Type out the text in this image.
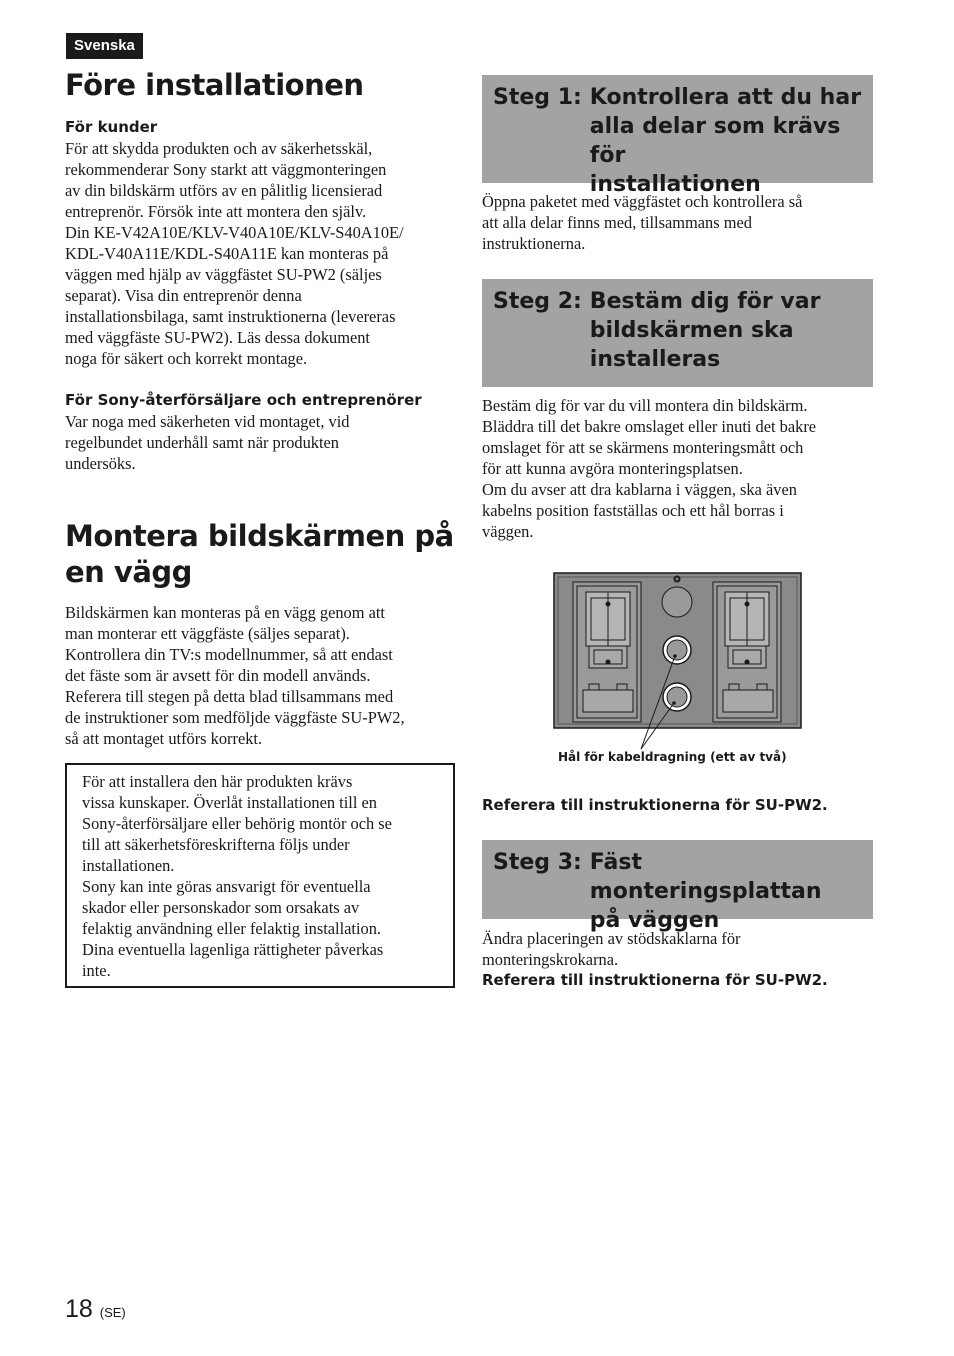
Svenska
Före installationen

För kunder

För att skydda produkten och av säkerhetsskäl,
rekommenderar Sony starkt att väggmonteringen
av din bildskärm utförs av en pålitlig licensierad
entreprenör. Försök inte att montera den själv.
Din KE-V42A10E/KLV-V40A10E/KLV-S40A10E/
KDL-V40A11E/KDL-S40A11E kan monteras på
väggen med hjälp av väggfästet SU-PW2 (säljes
separat). Visa din entreprenör denna
installationsbilaga, samt instruktionerna (levereras
med väggfäste SU-PW2). Läs dessa dokument
noga för säkert och korrekt montage.

För Sony-återförsäljare och entreprenörer

Var noga med säkerheten vid montaget, vid
regelbundet underhåll samt när produkten
undersöks.
Montera bildskärmen på
en vägg
Bildskärmen kan monteras på en vägg genom att
man monterar ett väggfäste (säljes separat).
Kontrollera din TV:s modellnummer, så att endast
det fäste som är avsett för din modell används.
Referera till stegen på detta blad tillsammans med
de instruktioner som medföljde väggfäste SU-PW2,
så att montaget utförs korrekt.
För att installera den här produkten krävs
vissa kunskaper. Överlåt installationen till en
Sony-återförsäljare eller behörig montör och se
till att säkerhetsföreskrifterna följs under
installationen.
Sony kan inte göras ansvarigt för eventuella
skador eller personskador som orsakats av
felaktig användning eller felaktig installation.
Dina eventuella lagenliga rättigheter påverkas
inte.
Steg 1: Kontrollera att du har
alla delar som krävs för
installationen
Öppna paketet med väggfästet och kontrollera så
att alla delar finns med, tillsammans med
instruktionerna.
Steg 2: Bestäm dig för var
bildskärmen ska
installeras
Bestäm dig för var du vill montera din bildskärm.
Bläddra till det bakre omslaget eller inuti det bakre
omslaget för att se skärmens monteringsmått och
för att kunna avgöra monteringsplatsen.
Om du avser att dra kablarna i väggen, ska även
kabelns position fastställas och ett hål borras i
väggen.
Hål för kabeldragning (ett av två)
Referera till instruktionerna för SU-PW2.
Steg 3: Fäst monteringsplattan
på väggen
Ändra placeringen av stödskaklarna för
monteringskrokarna.
Referera till instruktionerna för SU-PW2.
18 (SE)
